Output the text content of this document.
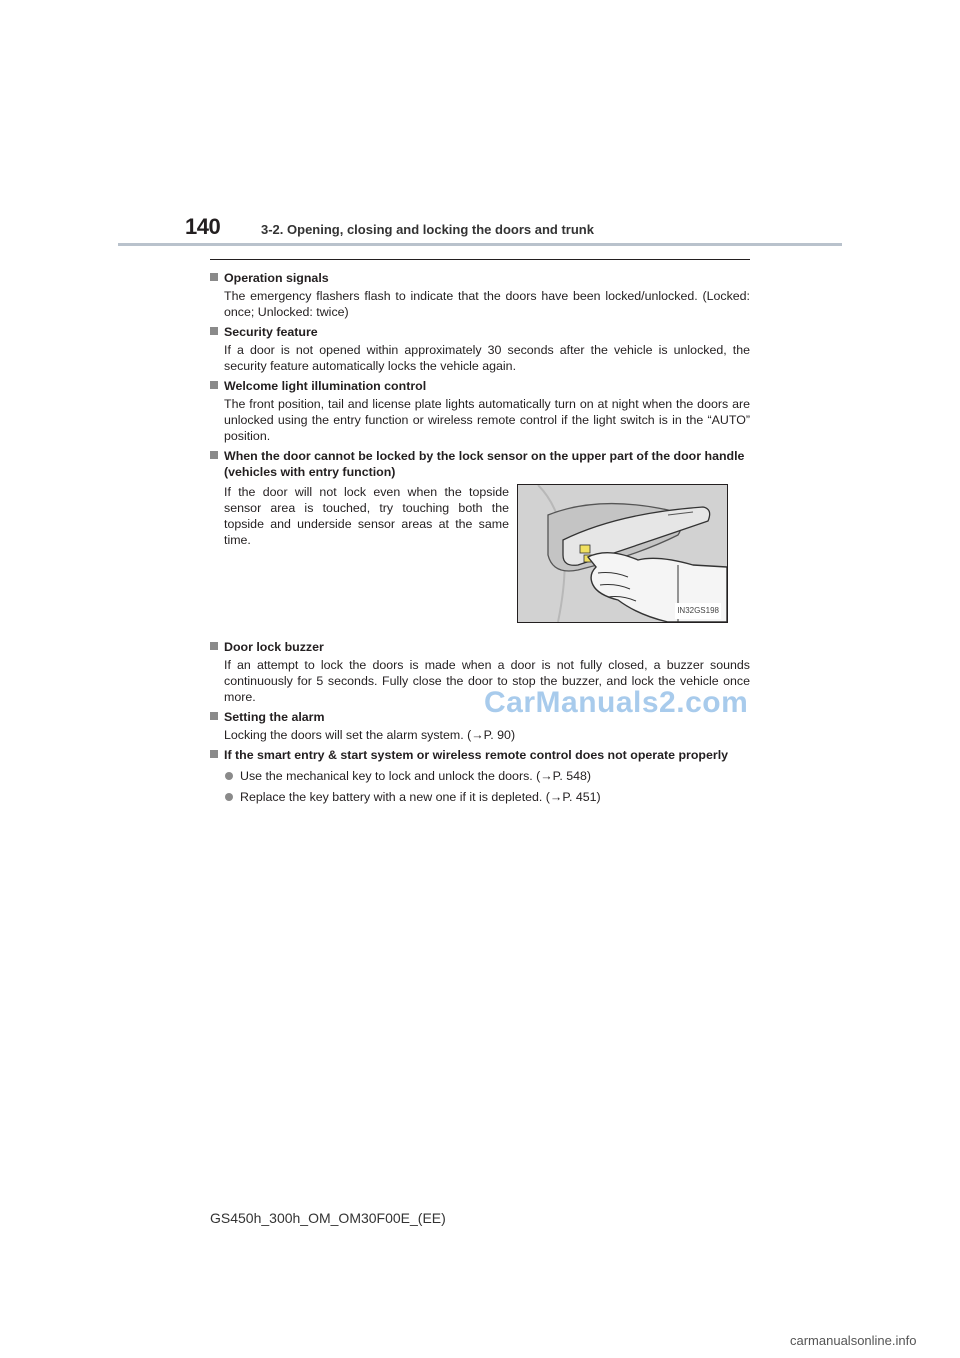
140	3-2. Opening, closing and locking the doors and trunk
Operation signals
The emergency flashers flash to indicate that the doors have been locked/unlocked. (Locked: once; Unlocked: twice)
Security feature
If a door is not opened within approximately 30 seconds after the vehicle is unlocked, the security feature automatically locks the vehicle again.
Welcome light illumination control
The front position, tail and license plate lights automatically turn on at night when the doors are unlocked using the entry function or wireless remote control if the light switch is in the “AUTO” position.
When the door cannot be locked by the lock sensor on the upper part of the door handle (vehicles with entry function)
If the door will not lock even when the topside sensor area is touched, try touching both the topside and underside sensor areas at the same time.
IN32GS198
Door lock buzzer
If an attempt to lock the doors is made when a door is not fully closed, a buzzer sounds continuously for 5 seconds. Fully close the door to stop the buzzer, and lock the vehicle once more.
Setting the alarm
Locking the doors will set the alarm system. (→P. 90)
If the smart entry & start system or wireless remote control does not operate properly
Use the mechanical key to lock and unlock the doors. (→P. 548)
Replace the key battery with a new one if it is depleted. (→P. 451)
CarManuals2.com
GS450h_300h_OM_OM30F00E_(EE)
carmanualsonline.info
